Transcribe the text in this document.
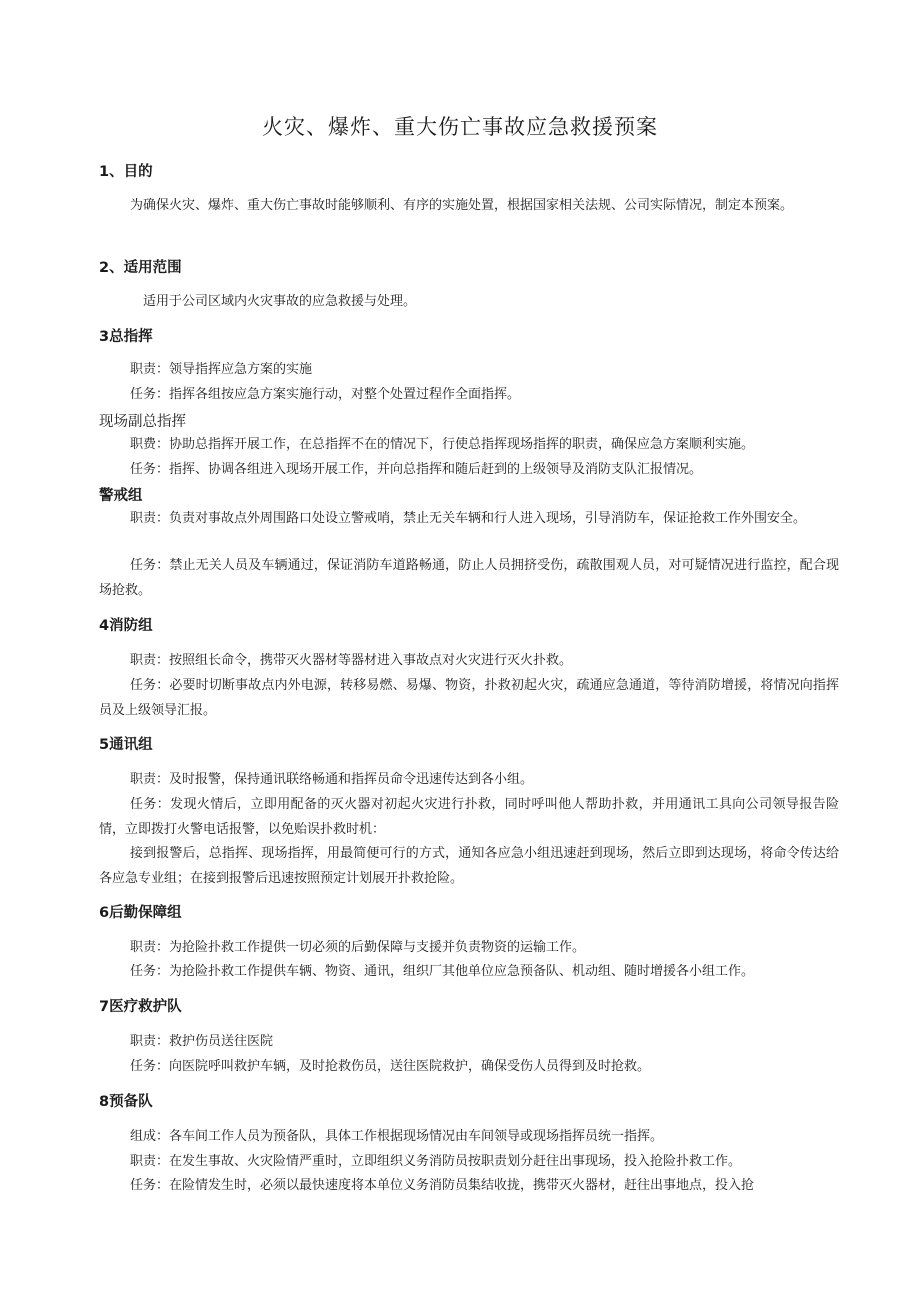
火灾、爆炸、重大伤亡事故应急救援预案
1、目的

为确保火灾、爆炸、重大伤亡事故时能够顺利、有序的实施处置，根据国家相关法规、公司实际情况，制定本预案。

2、适用范围

适用于公司区域内火灾事故的应急救援与处理。

3总指挥

职责：领导指挥应急方案的实施

任务：指挥各组按应急方案实施行动，对整个处置过程作全面指挥。

现场副总指挥

职费：协助总指挥开展工作，在总指挥不在的情况下，行使总指挥现场指挥的职责，确保应急方案顺利实施。

任务：指挥、协调各组进入现场开展工作，并向总指挥和随后赶到的上级领导及消防支队汇报情况。

警戒组

职责：负责对事故点外周围路口处设立警戒哨，禁止无关车辆和行人进入现场，引导消防车，保证抢救工作外围安全。

任务：禁止无关人员及车辆通过，保证消防车道路畅通，防止人员拥挤受伤，疏散围观人员，对可疑情况进行监控，配合现场抢救。

4消防组

职责：按照组长命令，携带灭火器材等器材进入事故点对火灾进行灭火扑救。

任务：必要时切断事故点内外电源，转移易燃、易爆、物资，扑救初起火灾，疏通应急通道，等待消防增援，将情况向指挥员及上级领导汇报。

5通讯组

职责：及时报警，保持通讯联络畅通和指挥员命令迅速传达到各小组。

任务：发现火情后，立即用配备的灭火器对初起火灾进行扑救，同时呼叫他人帮助扑救，并用通讯工具向公司领导报告险情，立即拨打火警电话报警，以免贻误扑救时机：

接到报警后，总指挥、现场指挥，用最简便可行的方式，通知各应急小组迅速赶到现场，然后立即到达现场，将命令传达给各应急专业组；在接到报警后迅速按照预定计划展开扑救抢险。

6后勤保障组

职责：为抢险扑救工作提供一切必须的后勤保障与支援并负责物资的运输工作。

任务：为抢险扑救工作提供车辆、物资、通讯，组织厂其他单位应急预备队、机动组、随时增援各小组工作。

7医疗救护队

职责：救护伤员送往医院

任务：向医院呼叫救护车辆，及时抢救伤员，送往医院救护，确保受伤人员得到及时抢救。

8预备队

组成：各车间工作人员为预备队，具体工作根据现场情况由车间领导或现场指挥员统一指挥。

职责：在发生事故、火灾险情严重时，立即组织义务消防员按职责划分赶往出事现场，投入抢险扑救工作。

任务：在险情发生时，必须以最快速度将本单位义务消防员集结收拢，携带灭火器材，赶往出事地点，投入抢
